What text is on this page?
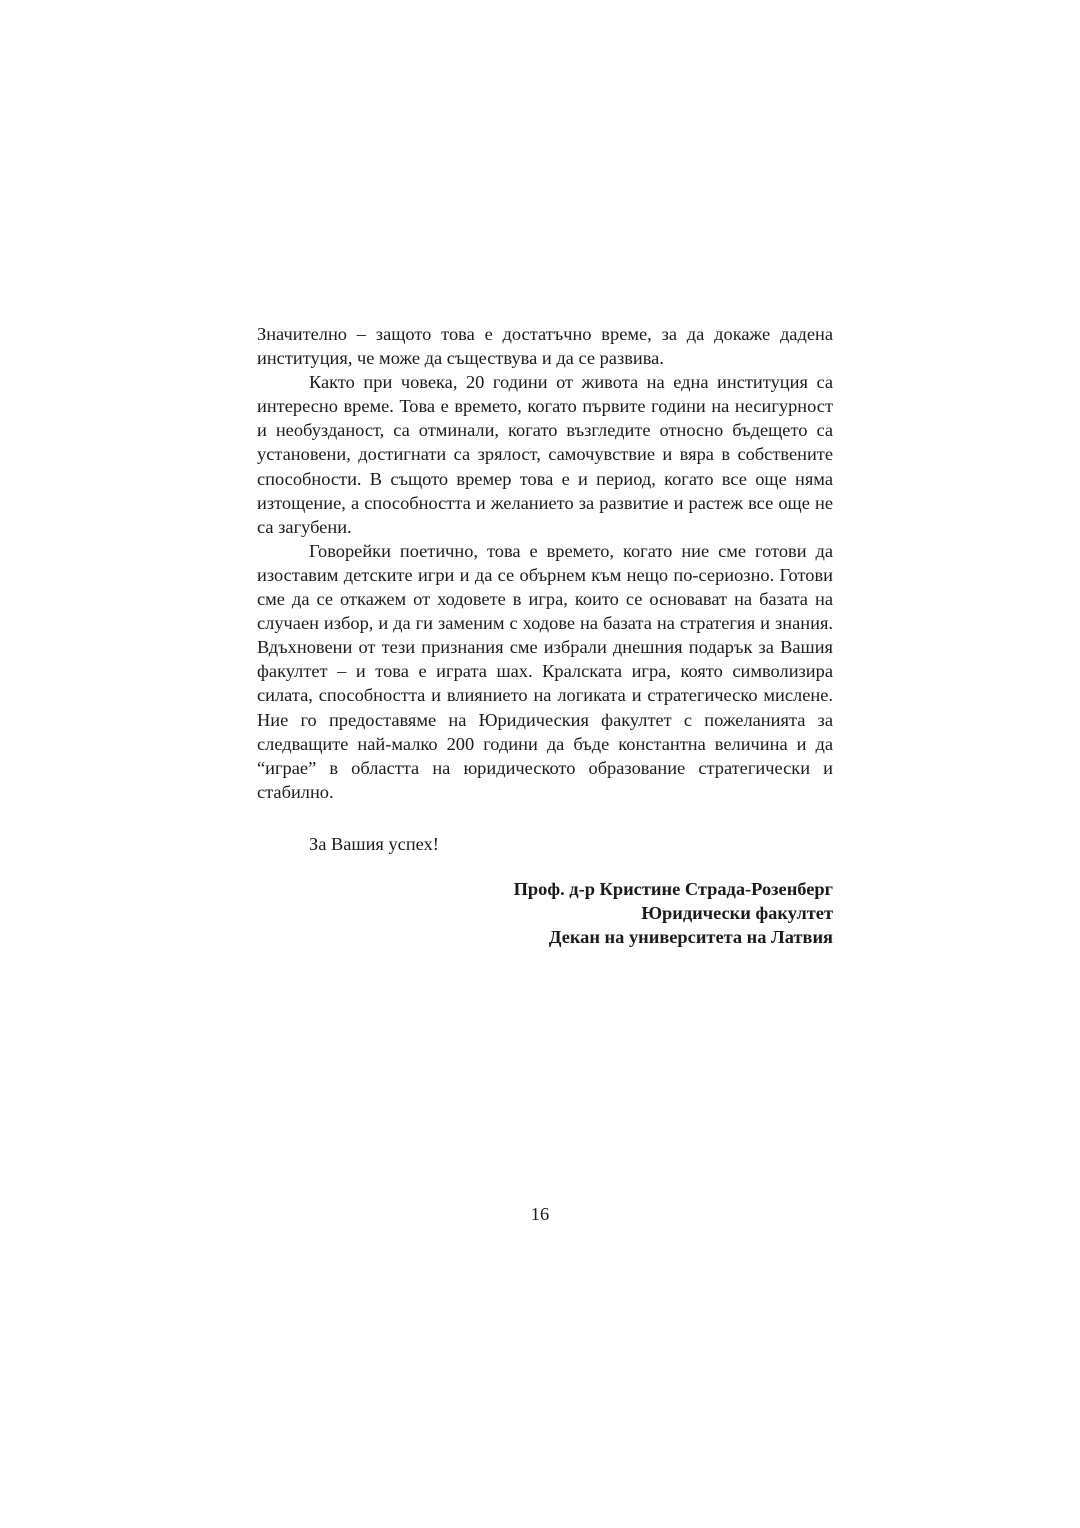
Значително – защото това е достатъчно време, за да докаже дадена институция, че може да съществува и да се развива.

Както при човека, 20 години от живота на една институция са интересно време. Това е времето, когато първите години на несигурност и необузданост, са отминали, когато възгледите относно бъдещето са установени, достигнати са зрялост, самочувствие и вяра в собствените способности. В същото времер това е и период, когато все още няма изтощение, а способността и желанието за развитие и растеж все още не са загубени.

Говорейки поетично, това е времето, когато ние сме готови да изоставим детските игри и да се обърнем към нещо по-сериозно. Готови сме да се откажем от ходовете в игра, които се основават на базата на случаен избор, и да ги заменим с ходове на базата на стратегия и знания. Вдъхновени от тези признания сме избрали днешния подарък за Вашия факултет – и това е играта шах. Кралската игра, която символизира силата, способността и влиянието на логиката и стратегическо мислене. Ние го предоставяме на Юридическия факултет с пожеланията за следващите най-малко 200 години да бъде константна величина и да “играе” в областта на юридическото образование стратегически и стабилно.

За Вашия успех!

Проф. д-р Кристине Страда-Розенберг
Юридически факултет
Декан на университета на Латвия
16
